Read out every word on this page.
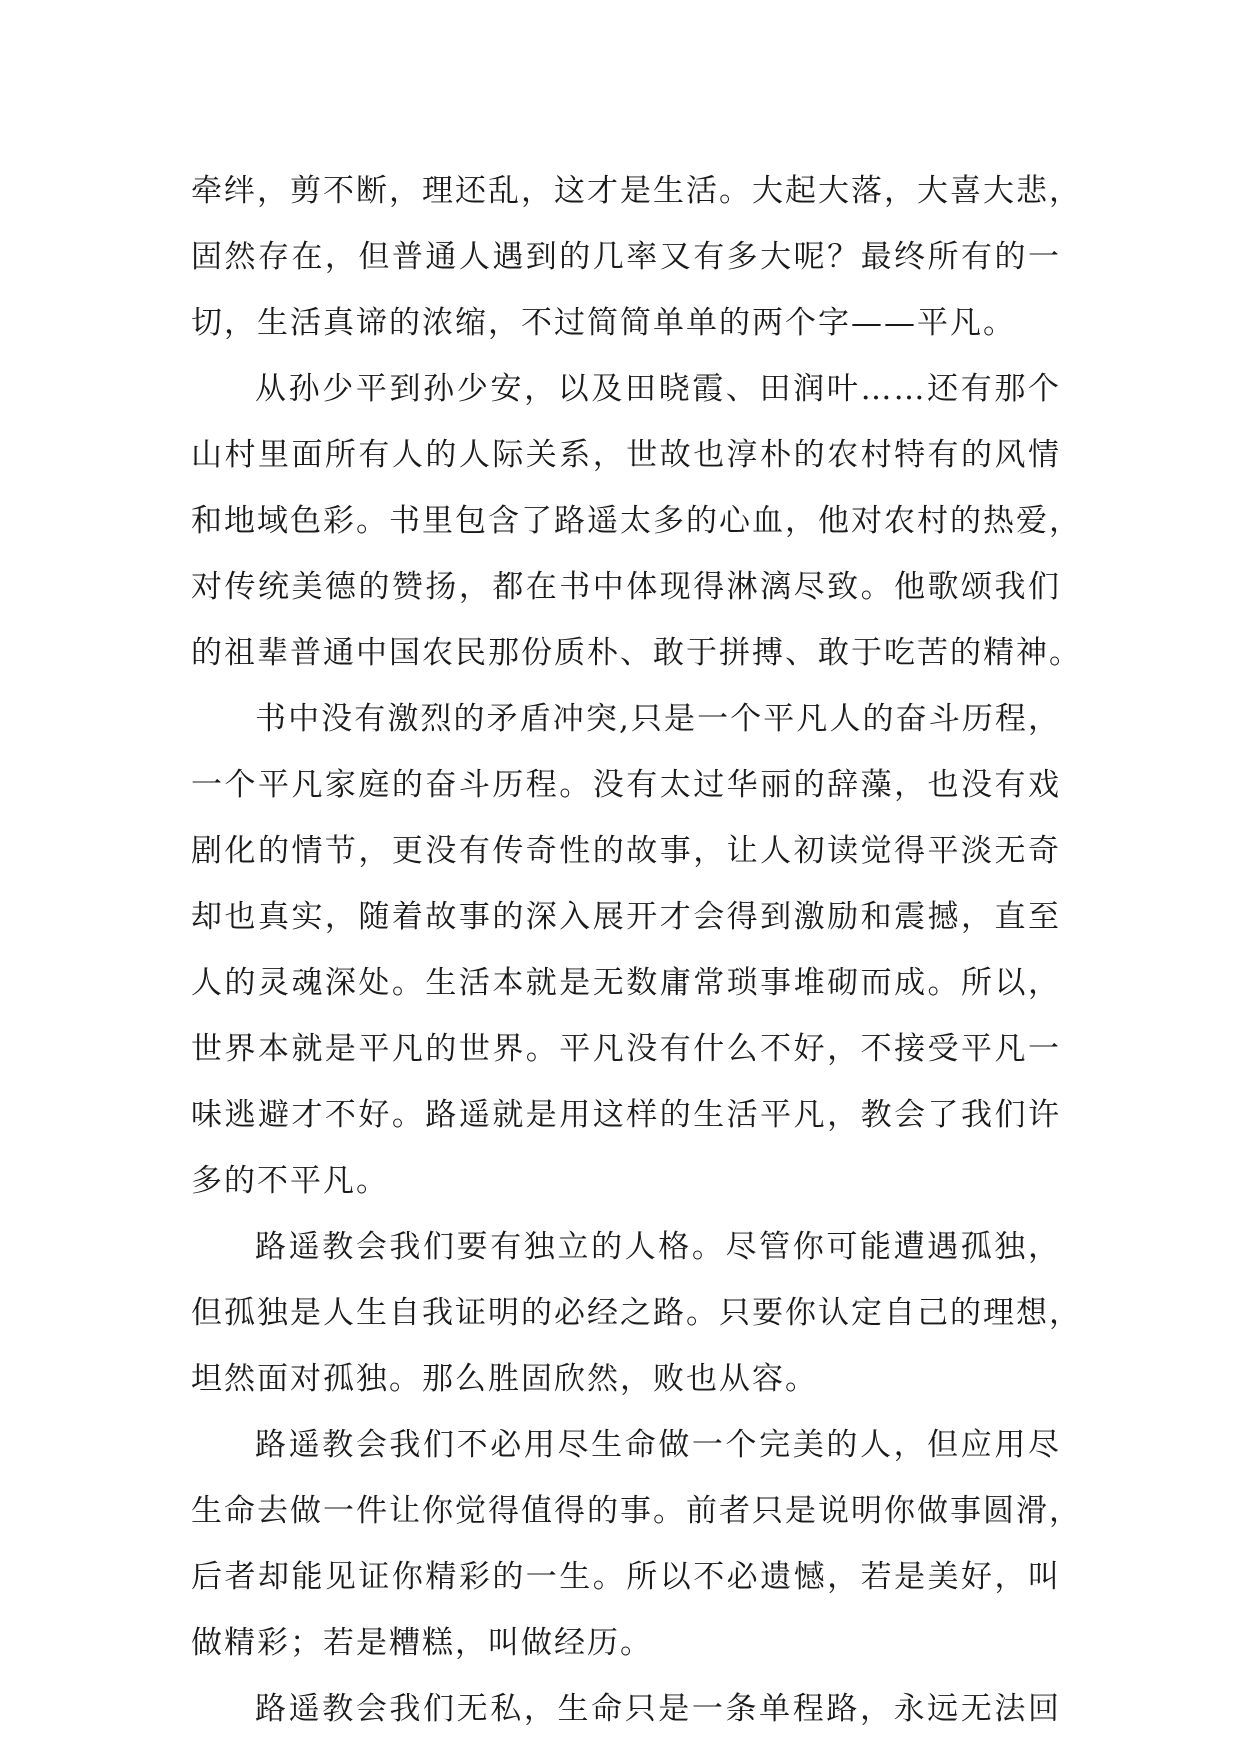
牵绊，剪不断，理还乱，这才是生活。大起大落，大喜大悲，
固然存在，但普通人遇到的几率又有多大呢？最终所有的一
切，生活真谛的浓缩，不过简简单单的两个字——平凡。
从孙少平到孙少安，以及田晓霞、田润叶……还有那个
山村里面所有人的人际关系，世故也淳朴的农村特有的风情
和地域色彩。书里包含了路遥太多的心血，他对农村的热爱，
对传统美德的赞扬，都在书中体现得淋漓尽致。他歌颂我们
的祖辈普通中国农民那份质朴、敢于拼搏、敢于吃苦的精神。
书中没有激烈的矛盾冲突,只是一个平凡人的奋斗历程，
一个平凡家庭的奋斗历程。没有太过华丽的辞藻，也没有戏
剧化的情节，更没有传奇性的故事，让人初读觉得平淡无奇
却也真实，随着故事的深入展开才会得到激励和震撼，直至
人的灵魂深处。生活本就是无数庸常琐事堆砌而成。所以，
世界本就是平凡的世界。平凡没有什么不好，不接受平凡一
味逃避才不好。路遥就是用这样的生活平凡，教会了我们许
多的不平凡。
路遥教会我们要有独立的人格。尽管你可能遭遇孤独，
但孤独是人生自我证明的必经之路。只要你认定自己的理想，
坦然面对孤独。那么胜固欣然，败也从容。
路遥教会我们不必用尽生命做一个完美的人，但应用尽
生命去做一件让你觉得值得的事。前者只是说明你做事圆滑，
后者却能见证你精彩的一生。所以不必遗憾，若是美好，叫
做精彩；若是糟糕，叫做经历。
路遥教会我们无私，生命只是一条单程路，永远无法回
